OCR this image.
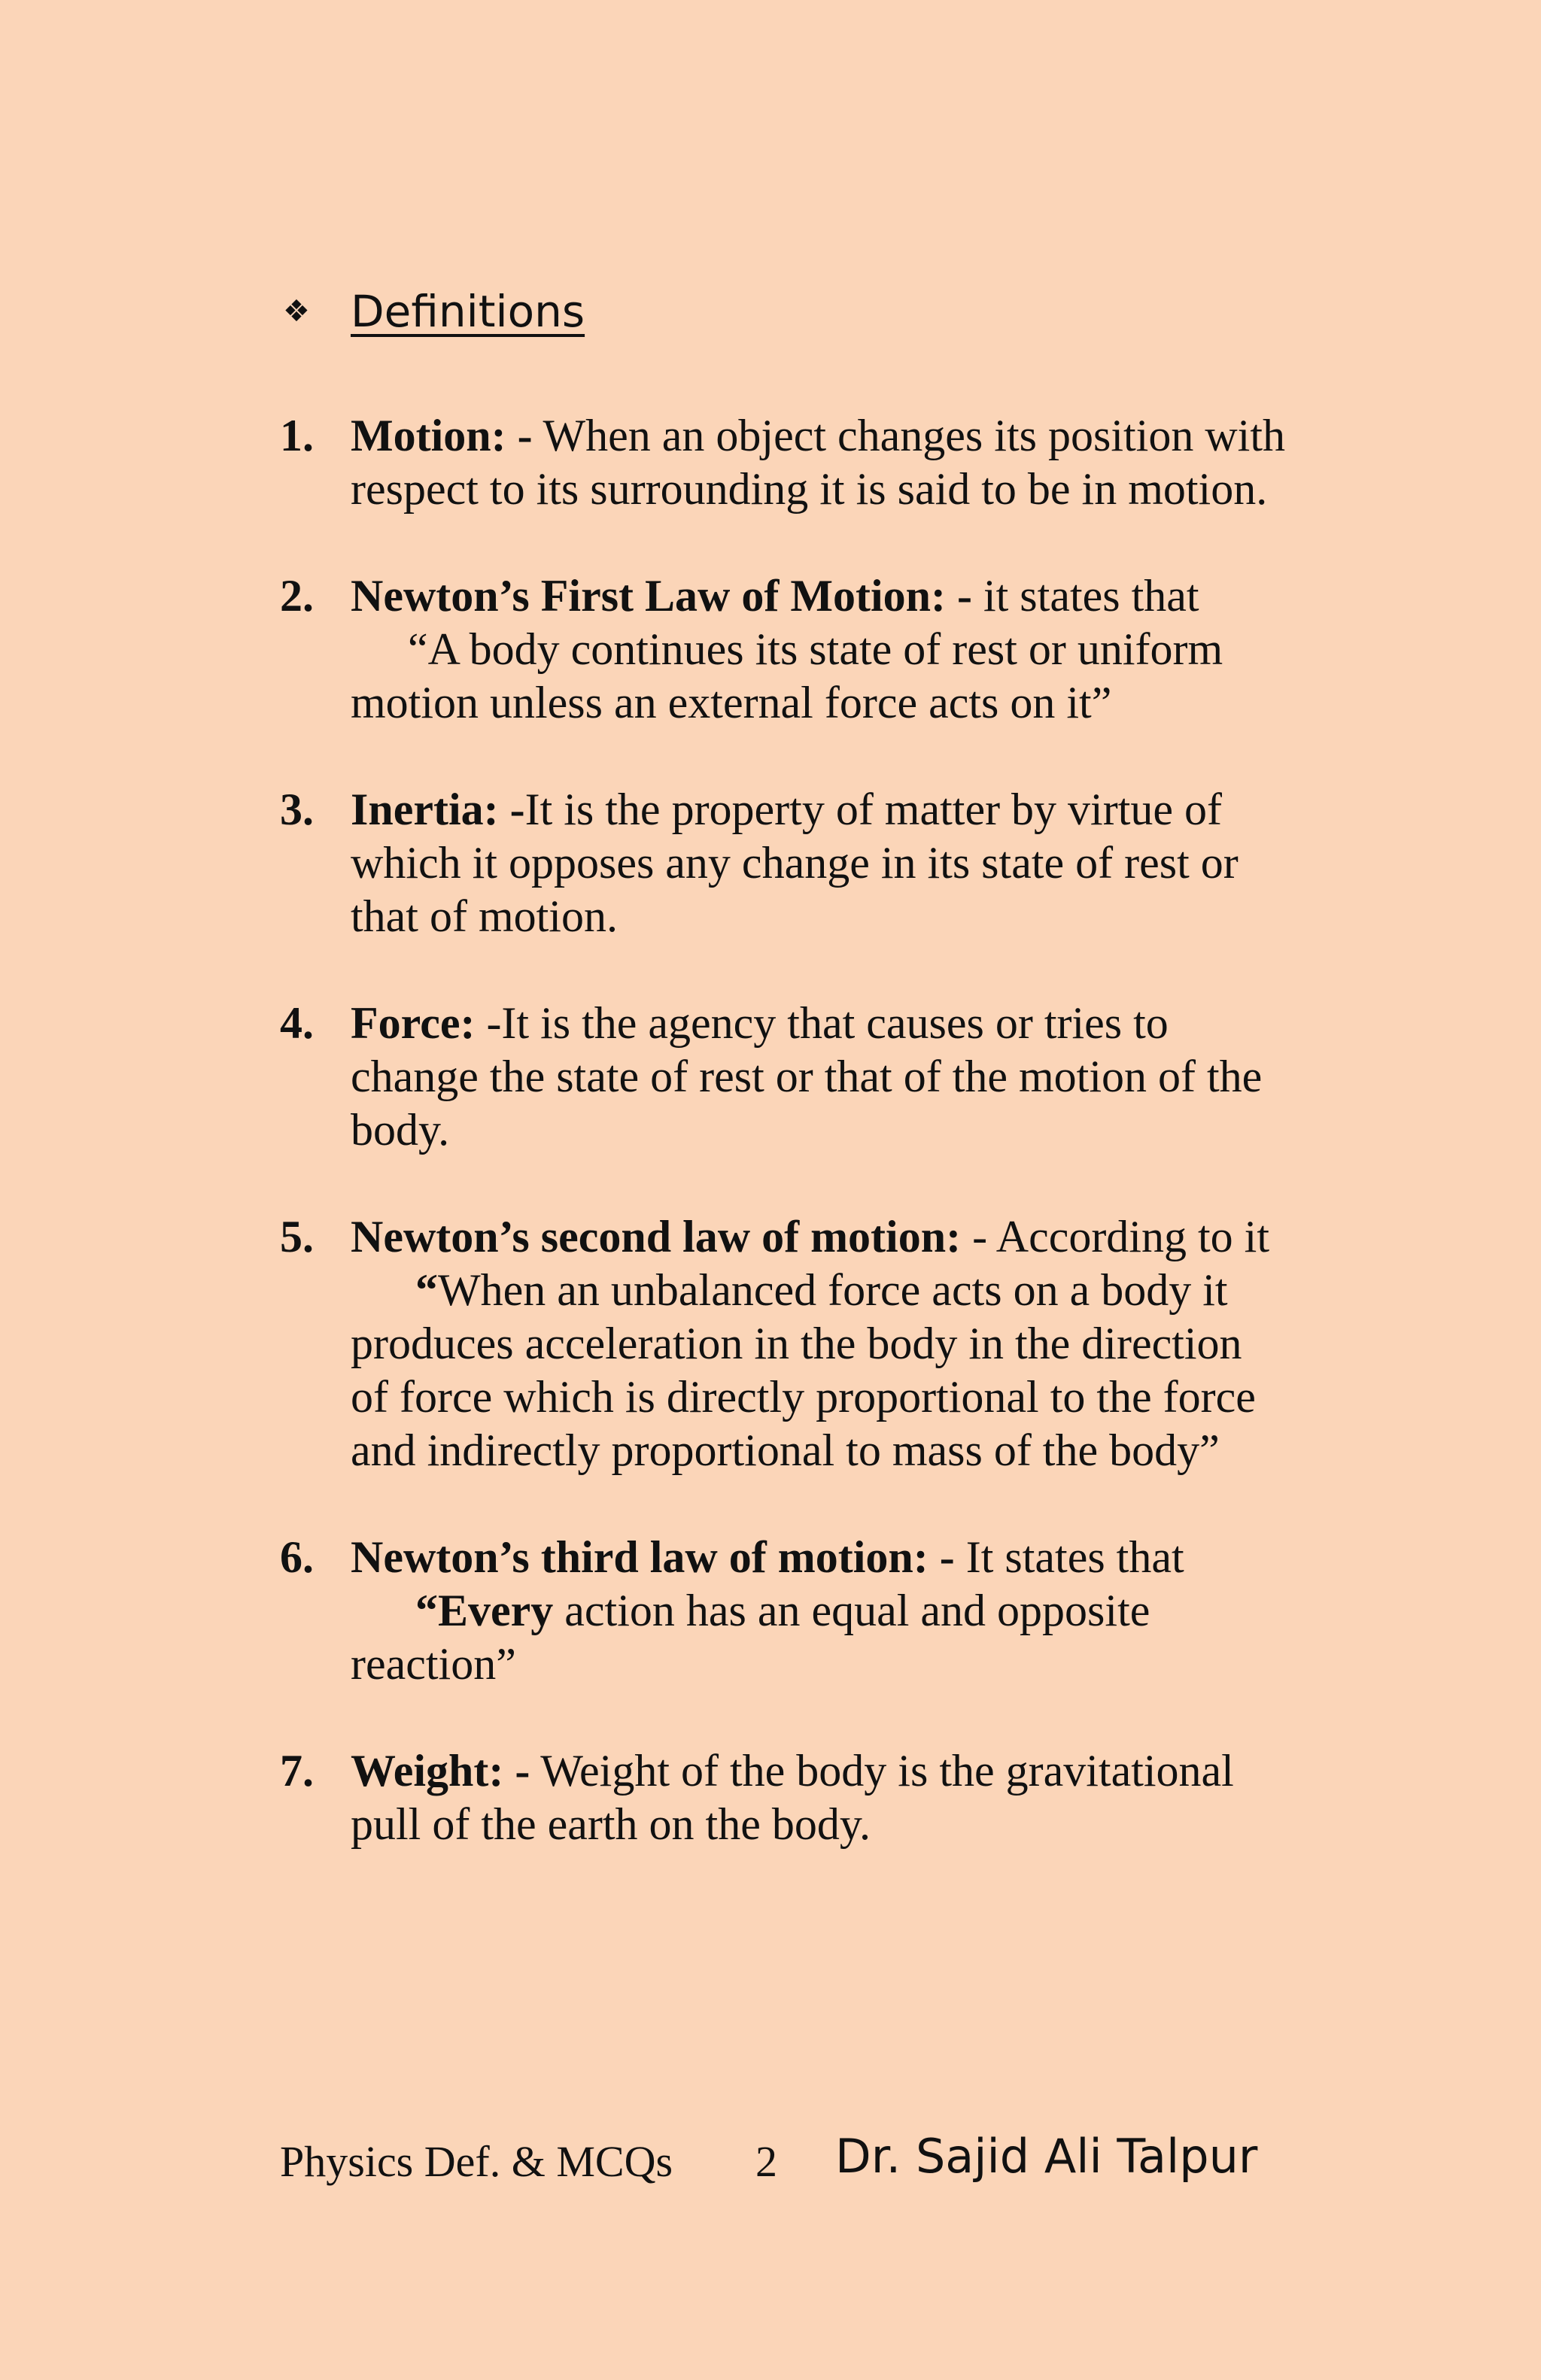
❖ Definitions
1. Motion: - When an object changes its position with respect to its surrounding it is said to be in motion.
2. Newton’s First Law of Motion: - it states that
“A body continues its state of rest or uniform motion unless an external force acts on it”
3. Inertia: -It is the property of matter by virtue of which it opposes any change in its state of rest or that of motion.
4. Force: -It is the agency that causes or tries to change the state of rest or that of the motion of the body.
5. Newton’s second law of motion: - According to it
“When an unbalanced force acts on a body it produces acceleration in the body in the direction of force which is directly proportional to the force and indirectly proportional to mass of the body”
6. Newton’s third law of motion: - It states that
“Every action has an equal and opposite reaction”
7. Weight: - Weight of the body is the gravitational pull of the earth on the body.
Physics Def. & MCQs 2 Dr. Sajid Ali Talpur
